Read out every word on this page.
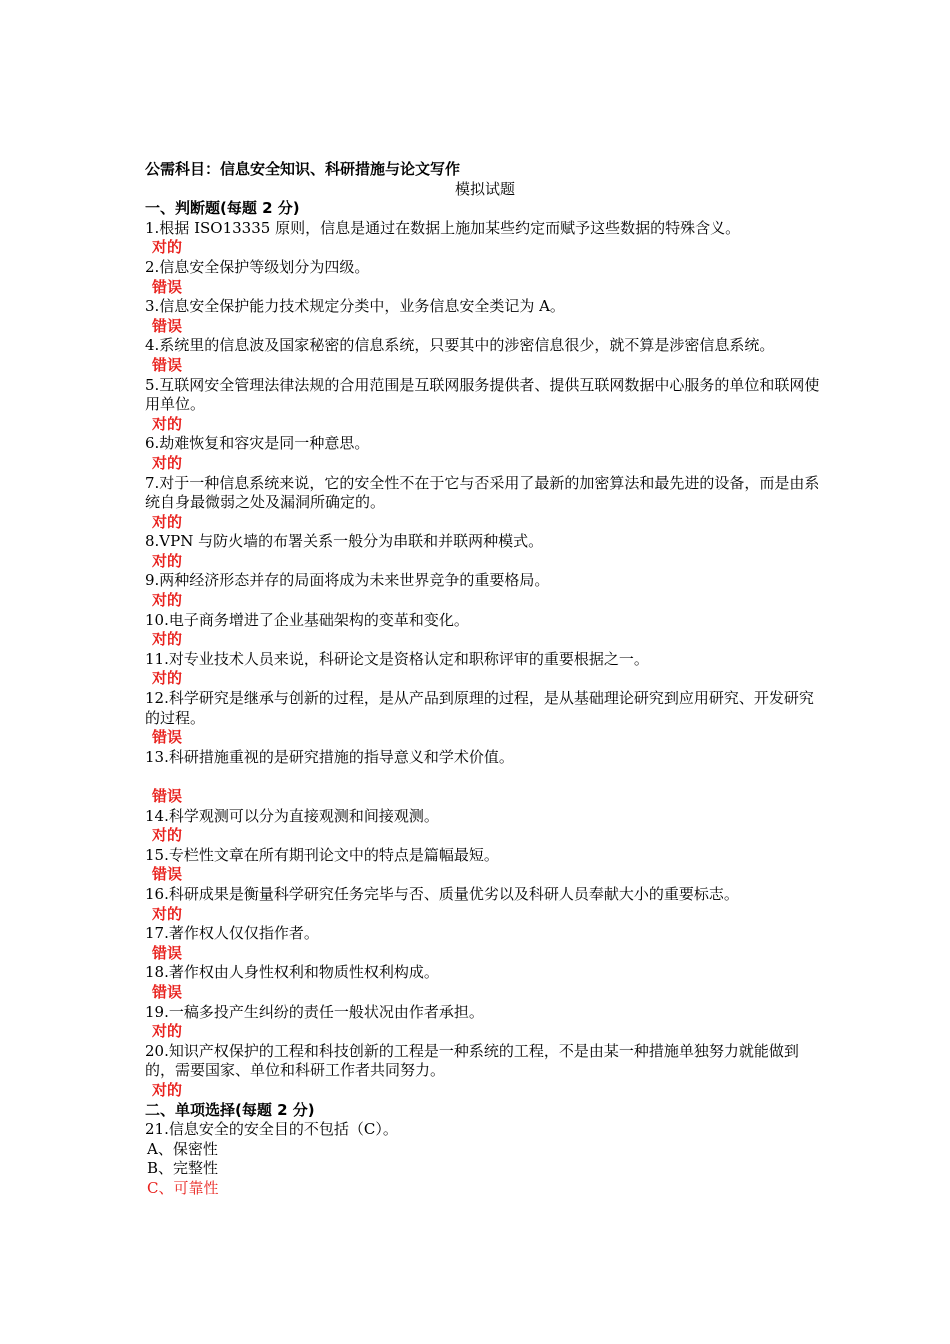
公需科目：信息安全知识、科研措施与论文写作
模拟试题
一、判断题(每题 2 分)
1.根据 ISO13335 原则，信息是通过在数据上施加某些约定而赋予这些数据的特殊含义。
对的
2.信息安全保护等级划分为四级。
错误
3.信息安全保护能力技术规定分类中，业务信息安全类记为 A。
错误
4.系统里的信息波及国家秘密的信息系统，只要其中的涉密信息很少，就不算是涉密信息系统。
错误
5.互联网安全管理法律法规的合用范围是互联网服务提供者、提供互联网数据中心服务的单位和联网使用单位。
对的
6.劫难恢复和容灾是同一种意思。
对的
7.对于一种信息系统来说，它的安全性不在于它与否采用了最新的加密算法和最先进的设备，而是由系统自身最微弱之处及漏洞所确定的。
对的
8.VPN 与防火墙的布署关系一般分为串联和并联两种模式。
对的
9.两种经济形态并存的局面将成为未来世界竞争的重要格局。
对的
10.电子商务增进了企业基础架构的变革和变化。
对的
11.对专业技术人员来说，科研论文是资格认定和职称评审的重要根据之一。
对的
12.科学研究是继承与创新的过程，是从产品到原理的过程，是从基础理论研究到应用研究、开发研究的过程。
错误
13.科研措施重视的是研究措施的指导意义和学术价值。
错误
14.科学观测可以分为直接观测和间接观测。
对的
15.专栏性文章在所有期刊论文中的特点是篇幅最短。
错误
16.科研成果是衡量科学研究任务完毕与否、质量优劣以及科研人员奉献大小的重要标志。
对的
17.著作权人仅仅指作者。
错误
18.著作权由人身性权利和物质性权利构成。
错误
19.一稿多投产生纠纷的责任一般状况由作者承担。
对的
20.知识产权保护的工程和科技创新的工程是一种系统的工程，不是由某一种措施单独努力就能做到的，需要国家、单位和科研工作者共同努力。
对的
二、单项选择(每题 2 分)
21.信息安全的安全目的不包括（C）。
A、保密性
B、完整性
C、可靠性
